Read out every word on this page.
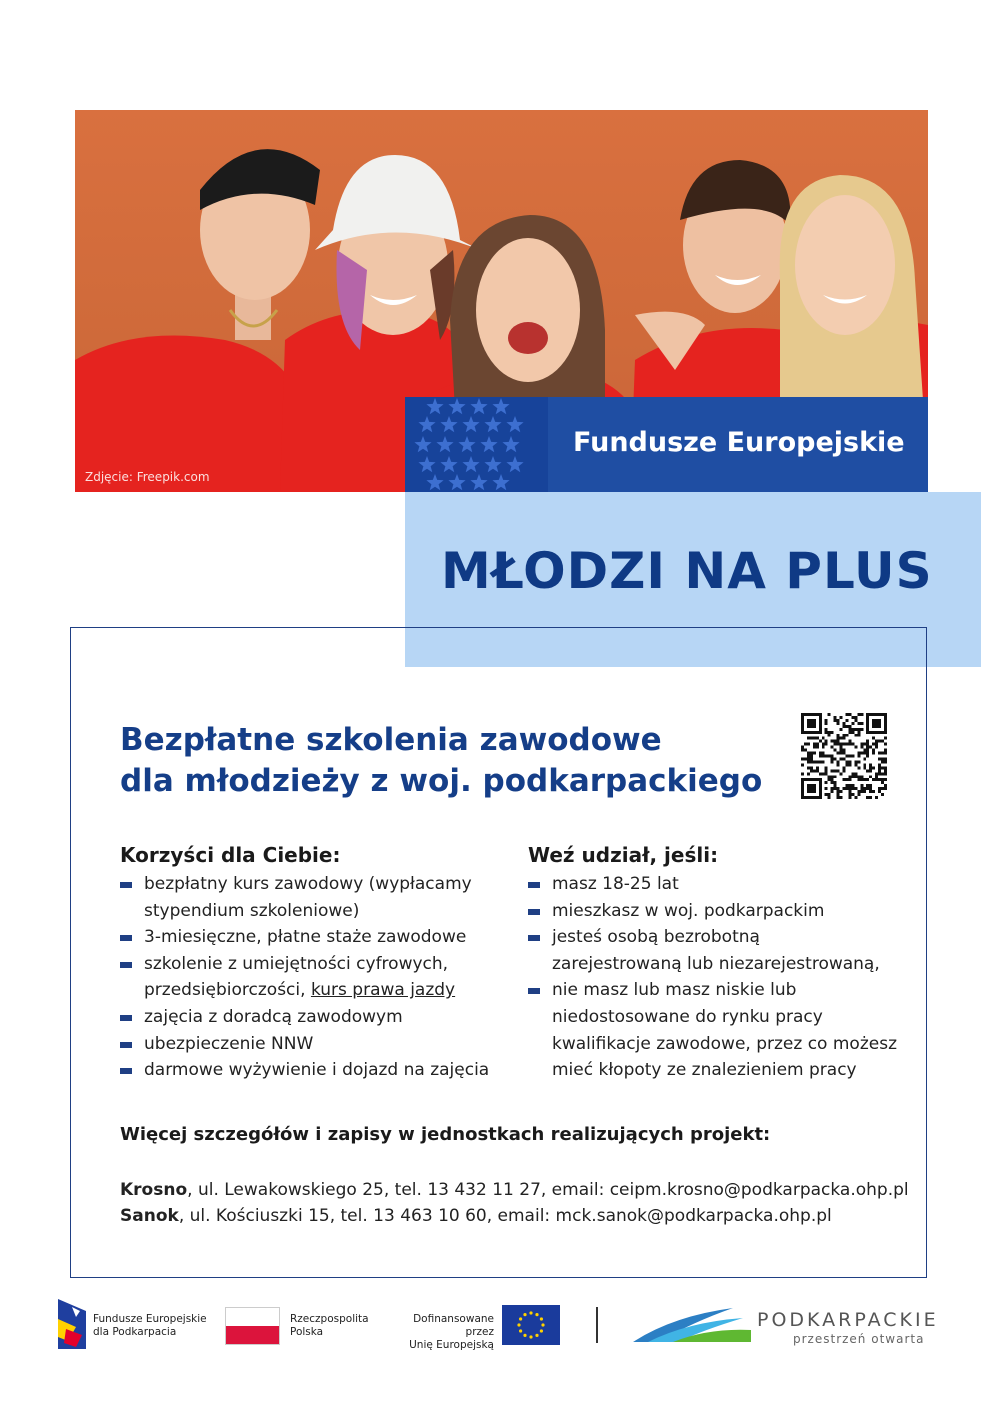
Zdjęcie: Freepik.com
Fundusze Europejskie
MŁODZI NA PLUS
Bezpłatne szkolenia zawodowe
dla młodzieży z woj. podkarpackiego
Korzyści dla Ciebie:
bezpłatny kurs zawodowy (wypłacamy
stypendium szkoleniowe)
3-miesięczne, płatne staże zawodowe
szkolenie z umiejętności cyfrowych,
przedsiębiorczości, kurs prawa jazdy
zajęcia z doradcą zawodowym
ubezpieczenie NNW
darmowe wyżywienie i dojazd na zajęcia
Weź udział, jeśli:
masz 18-25 lat
mieszkasz w woj. podkarpackim
jesteś osobą bezrobotną
zarejestrowaną lub niezarejestrowaną,
nie masz lub masz niskie lub
niedostosowane do rynku pracy
kwalifikacje zawodowe, przez co możesz
mieć kłopoty ze znalezieniem pracy
Więcej szczegółów i zapisy w jednostkach realizujących projekt:
Krosno, ul. Lewakowskiego 25, tel. 13 432 11 27, email: ceipm.krosno@podkarpacka.ohp.pl
Sanok, ul. Kościuszki 15, tel. 13 463 10 60, email: mck.sanok@podkarpacka.ohp.pl
Fundusze Europejskie
dla Podkarpacia
Rzeczpospolita
Polska
Dofinansowane przez
Unię Europejską
PODKARPACKIE
przestrzeń otwarta
